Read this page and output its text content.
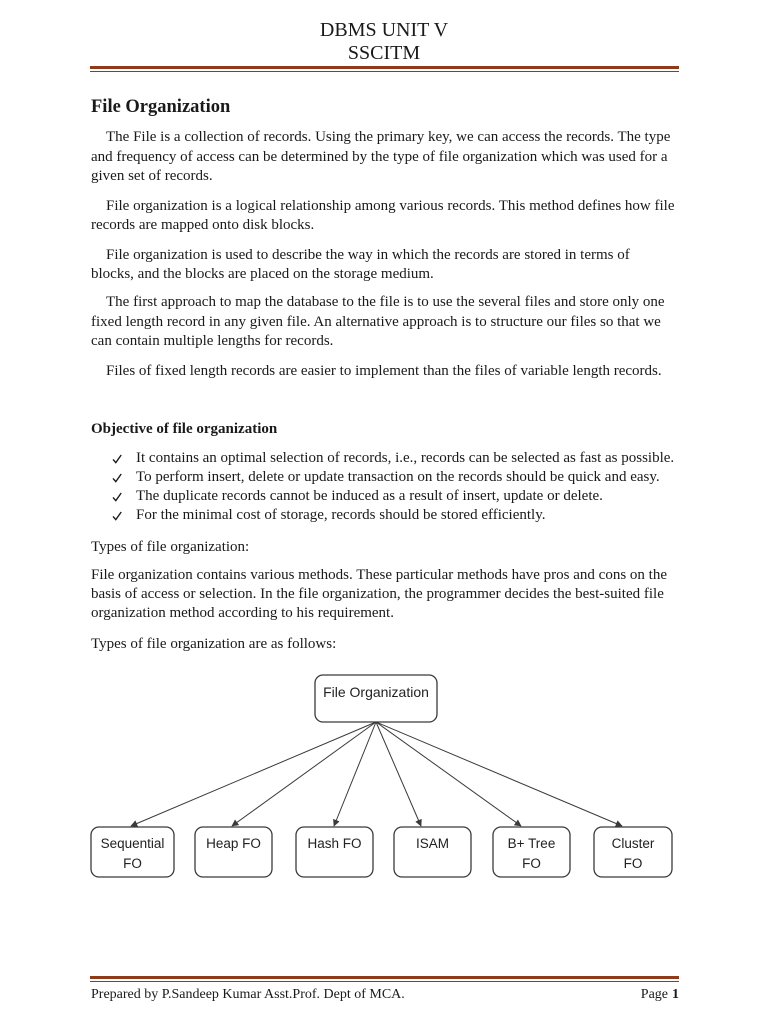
DBMS UNIT V
SSCITM
File Organization
The File is a collection of records. Using the primary key, we can access the records. The type
and frequency of access can be determined by the type of file organization which was used for a
given set of records.
File organization is a logical relationship among various records. This method defines how file
records are mapped onto disk blocks.
File organization is used to describe the way in which the records are stored in terms of
blocks, and the blocks are placed on the storage medium.
The first approach to map the database to the file is to use the several files and store only one
fixed length record in any given file. An alternative approach is to structure our files so that we
can contain multiple lengths for records.
Files of fixed length records are easier to implement than the files of variable length records.
Objective of file organization
It contains an optimal selection of records, i.e., records can be selected as fast as possible.
To perform insert, delete or update transaction on the records should be quick and easy.
The duplicate records cannot be induced as a result of insert, update or delete.
For the minimal cost of storage, records should be stored efficiently.
Types of file organization:
File organization contains various methods. These particular methods have pros and cons on the
basis of access or selection. In the file organization, the programmer decides the best-suited file
organization method according to his requirement.
Types of file organization are as follows:
File Organization
Sequential
FO
Heap FO	Hash FO	ISAM	B+ Tree
FO
Cluster
FO
Prepared by P.Sandeep Kumar Asst.Prof. Dept of MCA.	Page 1
